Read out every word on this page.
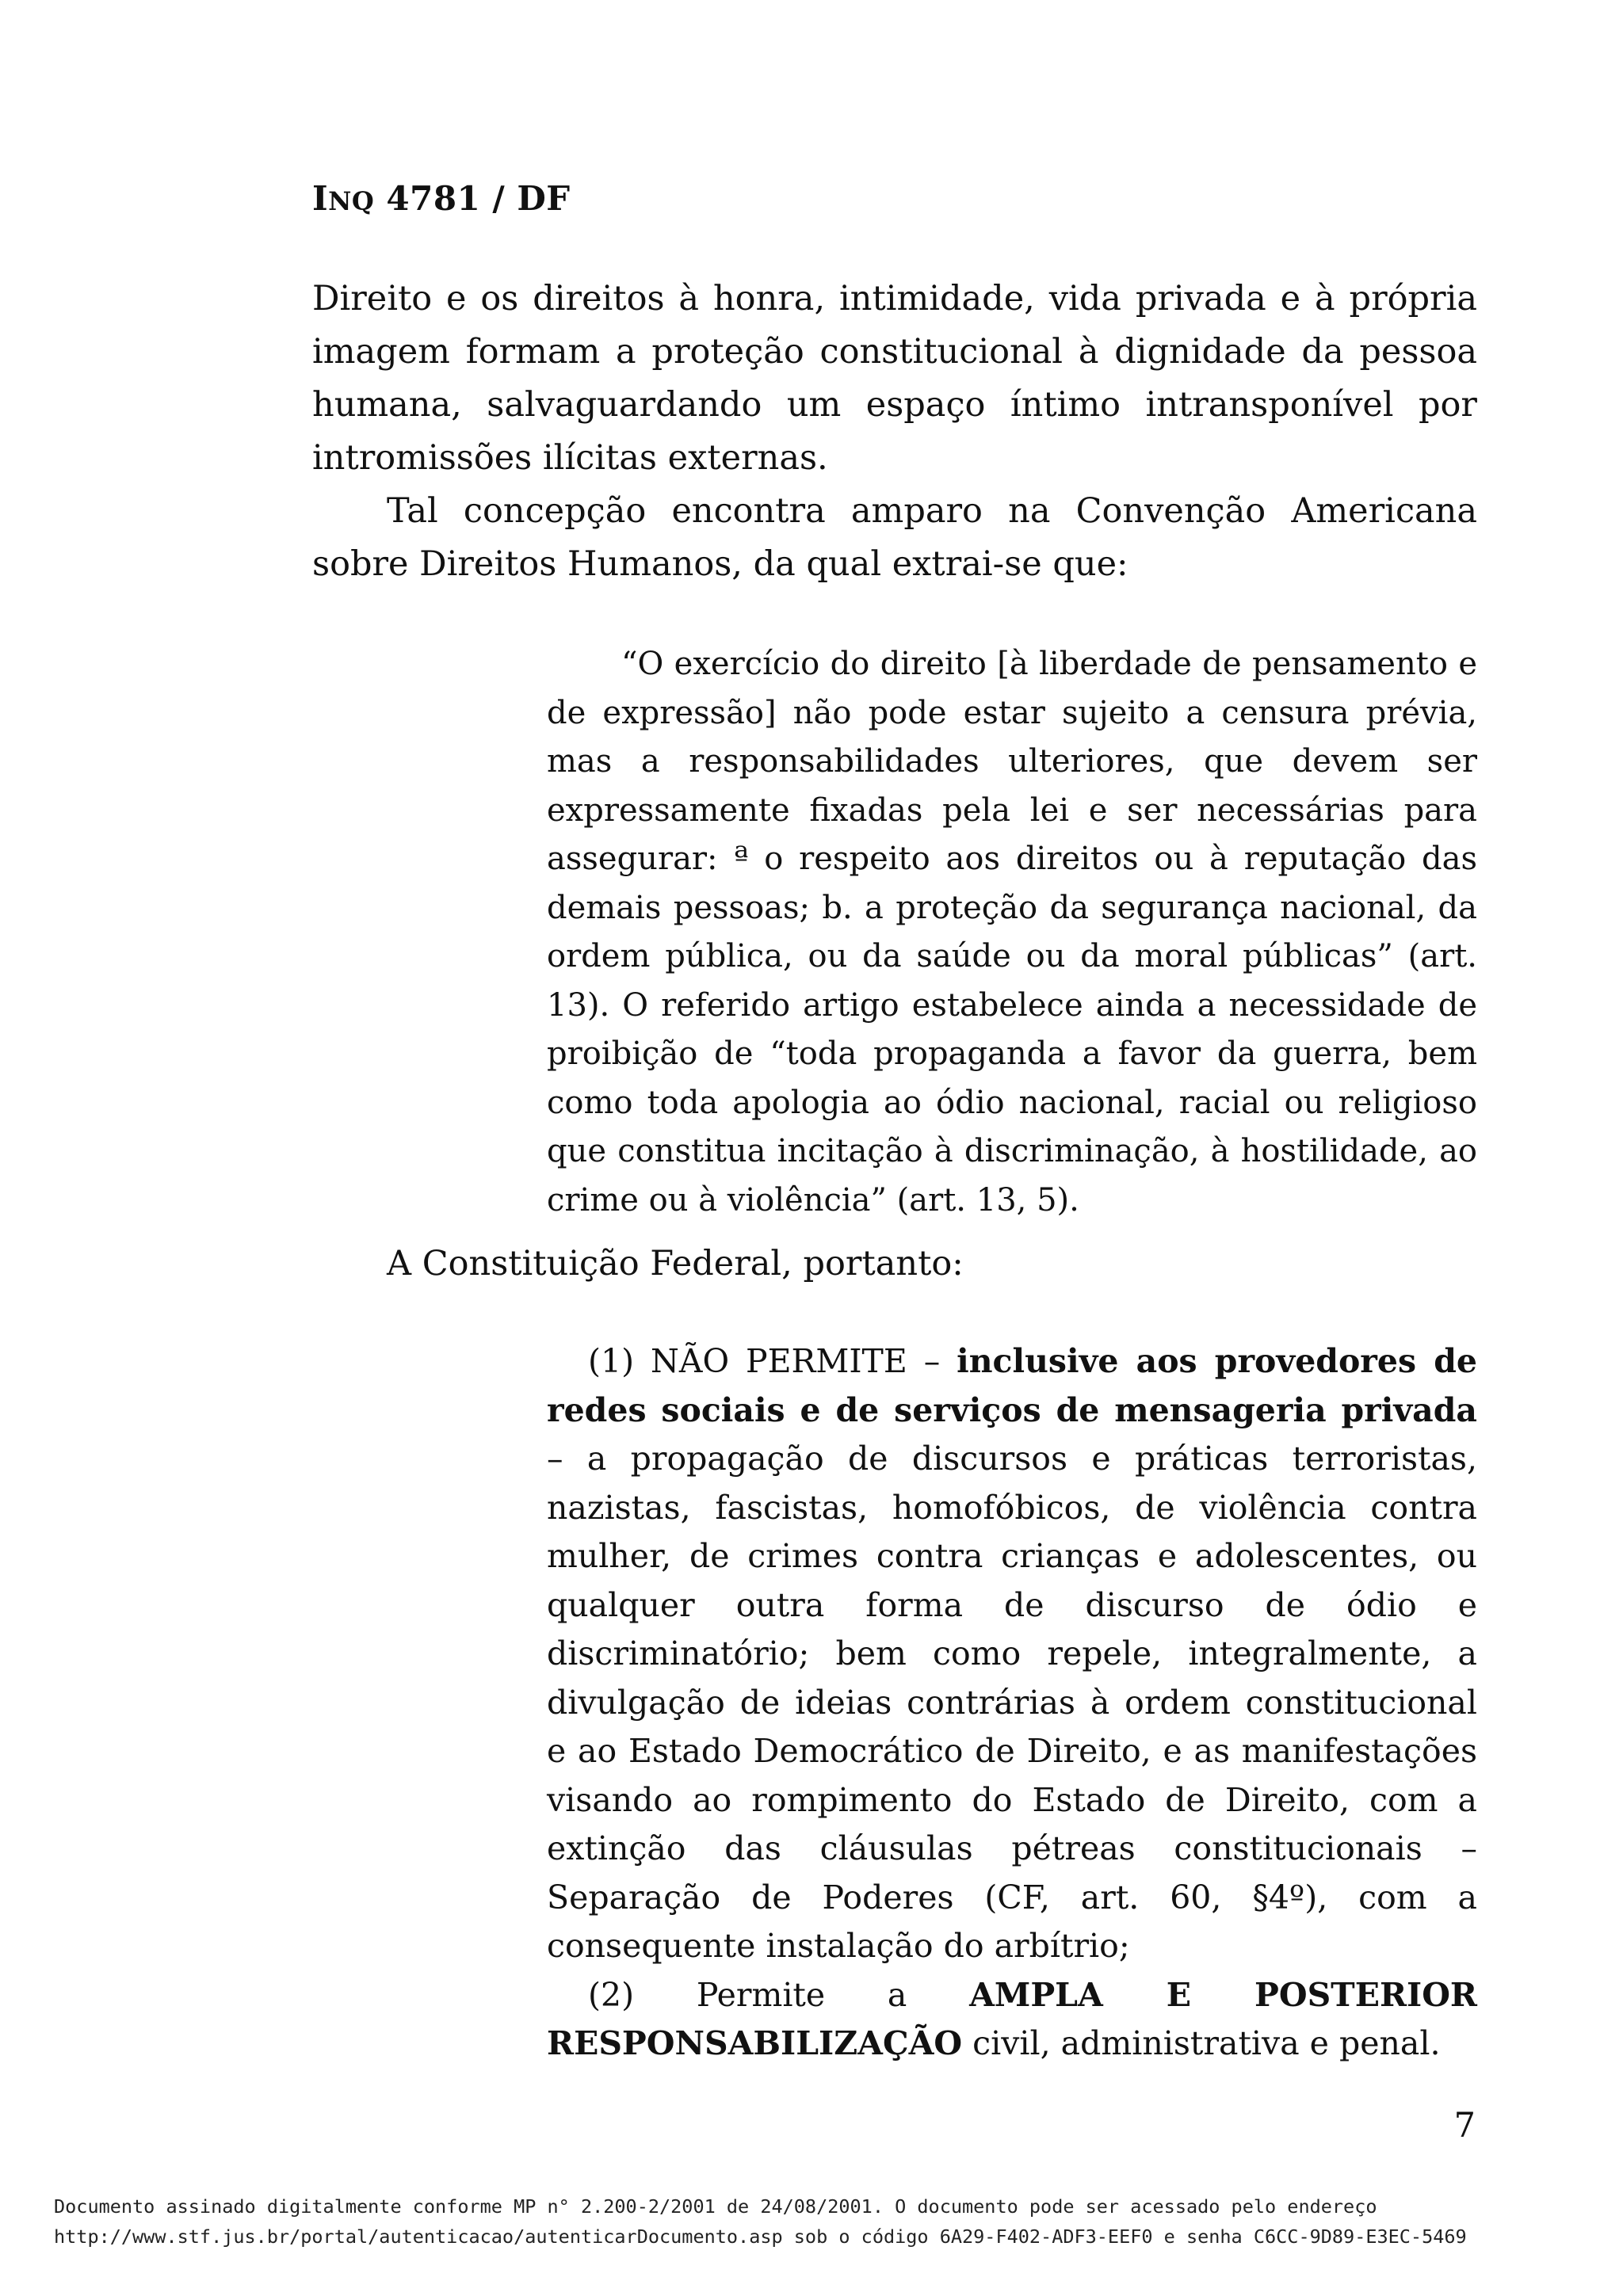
INQ 4781 / DF

Direito e os direitos à honra, intimidade, vida privada e à própria imagem formam a proteção constitucional à dignidade da pessoa humana, salvaguardando um espaço íntimo intransponível por intromissões ilícitas externas.

Tal concepção encontra amparo na Convenção Americana sobre Direitos Humanos, da qual extrai-se que:

“O exercício do direito [à liberdade de pensamento e de expressão] não pode estar sujeito a censura prévia, mas a responsabilidades ulteriores, que devem ser expressamente fixadas pela lei e ser necessárias para assegurar: ª o respeito aos direitos ou à reputação das demais pessoas; b. a proteção da segurança nacional, da ordem pública, ou da saúde ou da moral públicas” (art. 13). O referido artigo estabelece ainda a necessidade de proibição de “toda propaganda a favor da guerra, bem como toda apologia ao ódio nacional, racial ou religioso que constitua incitação à discriminação, à hostilidade, ao crime ou à violência” (art. 13, 5).

A Constituição Federal, portanto:

(1) NÃO PERMITE – inclusive aos provedores de redes sociais e de serviços de mensageria privada – a propagação de discursos e práticas terroristas, nazistas, fascistas, homofóbicos, de violência contra mulher, de crimes contra crianças e adolescentes, ou qualquer outra forma de discurso de ódio e discriminatório; bem como repele, integralmente, a divulgação de ideias contrárias à ordem constitucional e ao Estado Democrático de Direito, e as manifestações visando ao rompimento do Estado de Direito, com a extinção das cláusulas pétreas constitucionais – Separação de Poderes (CF, art. 60, §4º), com a consequente instalação do arbítrio;

(2) Permite a AMPLA E POSTERIOR RESPONSABILIZAÇÃO civil, administrativa e penal.

7
Documento assinado digitalmente conforme MP n° 2.200-2/2001 de 24/08/2001. O documento pode ser acessado pelo endereço
http://www.stf.jus.br/portal/autenticacao/autenticarDocumento.asp sob o código 6A29-F402-ADF3-EEF0 e senha C6CC-9D89-E3EC-5469
